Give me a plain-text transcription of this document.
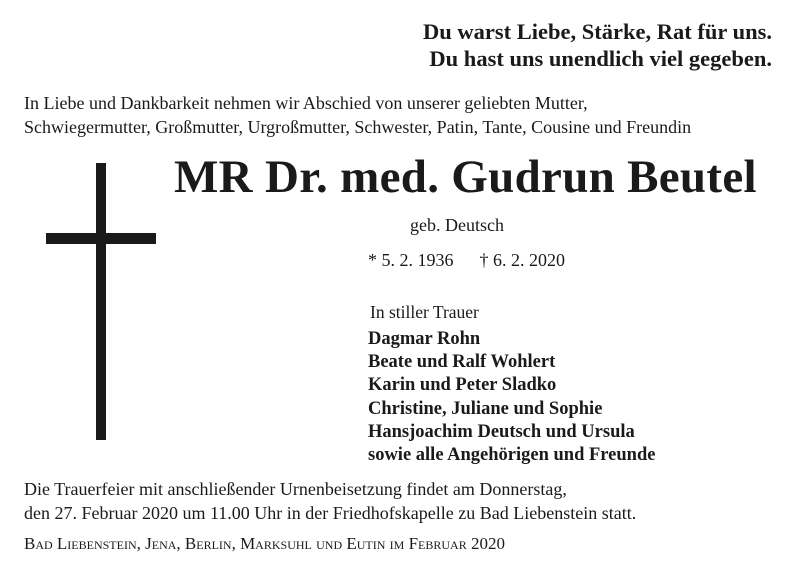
Du warst Liebe, Stärke, Rat für uns.
Du hast uns unendlich viel gegeben.
In Liebe und Dankbarkeit nehmen wir Abschied von unserer geliebten Mutter,
Schwiegermutter, Großmutter, Urgroßmutter, Schwester, Patin, Tante, Cousine und Freundin
MR Dr. med. Gudrun Beutel
geb. Deutsch
* 5. 2. 1936 † 6. 2. 2020
In stiller Trauer
Dagmar Rohn
Beate und Ralf Wohlert
Karin und Peter Sladko
Christine, Juliane und Sophie
Hansjoachim Deutsch und Ursula
sowie alle Angehörigen und Freunde
Die Trauerfeier mit anschließender Urnenbeisetzung findet am Donnerstag,
den 27. Februar 2020 um 11.00 Uhr in der Friedhofskapelle zu Bad Liebenstein statt.
Bad Liebenstein, Jena, Berlin, Marksuhl und Eutin im Februar 2020
